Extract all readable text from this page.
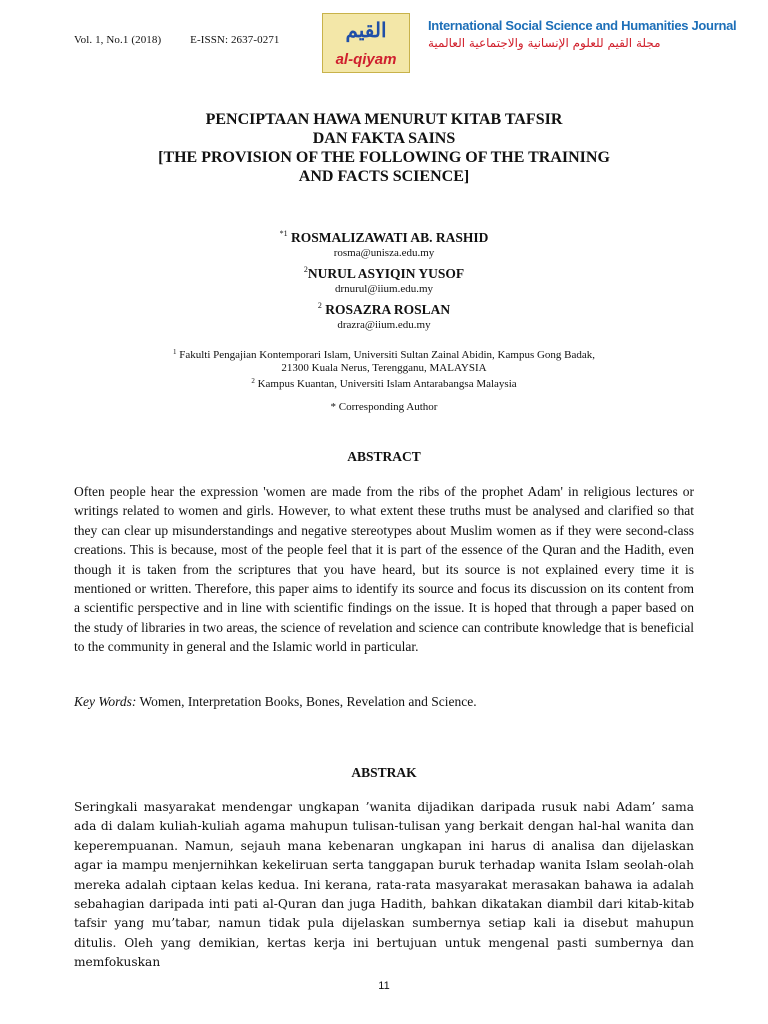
Vol. 1, No.1 (2018)	E-ISSN: 2637-0271	القيم
al-qiyam
International Social Science and Humanities Journal
مجلة القيم للعلوم الإنسانية والاجتماعية العالمية
PENCIPTAAN HAWA MENURUT KITAB TAFSIR
DAN FAKTA SAINS
[THE PROVISION OF THE FOLLOWING OF THE TRAINING
AND FACTS SCIENCE]
$^{*1}$ ROSMALIZAWATI AB. RASHID
rosma@unisza.edu.my
$^2$NURUL ASYIQIN YUSOF
drnurul@iium.edu.my
$^2$ ROSAZRA ROSLAN
drazra@iium.edu.my
$^1$ Fakulti Pengajian Kontemporari Islam, Universiti Sultan Zainal Abidin, Kampus Gong Badak,
21300 Kuala Nerus, Terengganu, MALAYSIA
$^2$ Kampus Kuantan, Universiti Islam Antarabangsa Malaysia
* Corresponding Author
ABSTRACT

Often people hear the expression 'women are made from the ribs of the prophet Adam' in religious lectures or writings related to women and girls. However, to what extent these truths must be analysed and clarified so that they can clear up misunderstandings and negative stereotypes about Muslim women as if they were second-class creations. This is because, most of the people feel that it is part of the essence of the Quran and the Hadith, even though it is taken from the scriptures that you have heard, but its source is not explained every time it is mentioned or written. Therefore, this paper aims to identify its source and focus its discussion on its content from a scientific perspective and in line with scientific findings on the issue. It is hoped that through a paper based on the study of libraries in two areas, the science of revelation and science can contribute knowledge that is beneficial to the community in general and the Islamic world in particular.

Key Words: Women, Interpretation Books, Bones, Revelation and Science.
ABSTRAK

Seringkali masyarakat mendengar ungkapan ’wanita dijadikan daripada rusuk nabi Adam’ sama ada di dalam kuliah-kuliah agama mahupun tulisan-tulisan yang berkait dengan hal-hal wanita dan keperempuanan. Namun, sejauh mana kebenaran ungkapan ini harus di analisa dan dijelaskan agar ia mampu menjernihkan kekeliruan serta tanggapan buruk terhadap wanita Islam seolah-olah mereka adalah ciptaan kelas kedua. Ini kerana, rata-rata masyarakat merasakan bahawa ia adalah sebahagian daripada inti pati al-Quran dan juga Hadith, bahkan dikatakan diambil dari kitab-kitab tafsir yang mu’tabar, namun tidak pula dijelaskan sumbernya setiap kali ia disebut mahupun ditulis. Oleh yang demikian, kertas kerja ini bertujuan untuk mengenal pasti sumbernya dan memfokuskan

11
